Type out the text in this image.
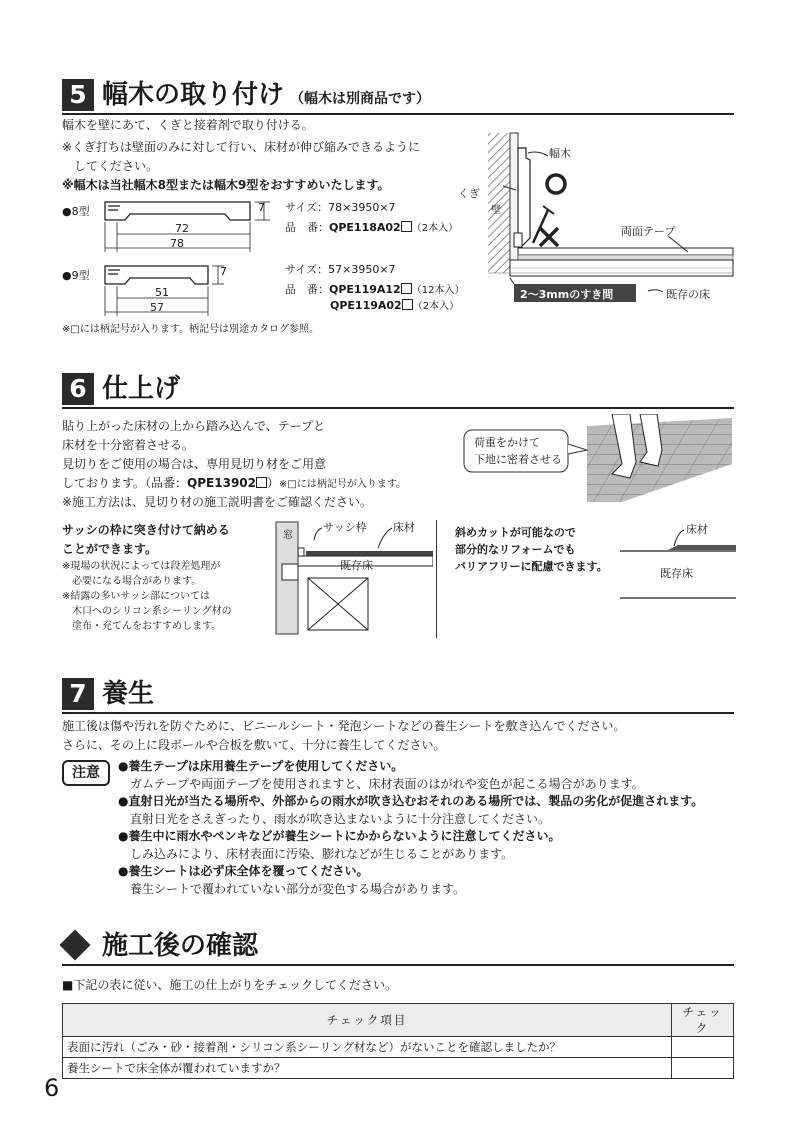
5 幅木の取り付け （幅木は別商品です）
幅木を壁にあて、くぎと接着剤で取り付ける。
※くぎ打ちは壁面のみに対して行い、床材が伸び縮みできるように
してください。
※幅木は当社幅木8型または幅木9型をおすすめいたします。
●8型	7
72
78
サイズ：78×3950×7
品　番：QPE118A02 （2本入）
●9型	7
51
57
サイズ：57×3950×7
品　番：QPE119A12 （12本入）
QPE119A02 （2本入）
※□には柄記号が入ります。柄記号は別途カタログ参照。
幅木
くぎ
壁
両面テープ
2～3mmのすき間	既存の床
6 仕上げ
貼り上がった床材の上から踏み込んで、テープと
床材を十分密着させる。
見切りをご使用の場合は、専用見切り材をご用意
しております。（品番：QPE13902 ）※□には柄記号が入ります。
※施工方法は、見切り材の施工説明書をご確認ください。
荷重をかけて
下地に密着させる
サッシの枠に突き付けて納める
ことができます。
※現場の状況によっては段差処理が
必要になる場合があります。
※結露の多いサッシ部については
木口へのシリコン系シーリング材の
塗布・充てんをおすすめします。
窓
サッシ枠 床材
既存床
斜めカットが可能なので
部分的なリフォームでも
バリアフリーに配慮できます。
床材
既存床
7 養生
施工後は傷や汚れを防ぐために、ビニールシート・発泡シートなどの養生シートを敷き込んでください。
さらに、その上に段ボールや合板を敷いて、十分に養生してください。
注意	●養生テープは床用養生テープを使用してください。
ガムテープや両面テープを使用されますと、床材表面のはがれや変色が起こる場合があります。
●直射日光が当たる場所や、外部からの雨水が吹き込むおそれのある場所では、製品の劣化が促進されます。
直射日光をさえぎったり、雨水が吹き込まないように十分注意してください。
●養生中に雨水やペンキなどが養生シートにかからないように注意してください。
しみ込みにより、床材表面に汚染、膨れなどが生じることがあります。
●養生シートは必ず床全体を覆ってください。
養生シートで覆われていない部分が変色する場合があります。
施工後の確認
■下記の表に従い、施工の仕上がりをチェックしてください。
チェック項目	チェック
表面に汚れ（ごみ・砂・接着剤・シリコン系シーリング材など）がないことを確認しましたか？	
養生シートで床全体が覆われていますか？	
6
